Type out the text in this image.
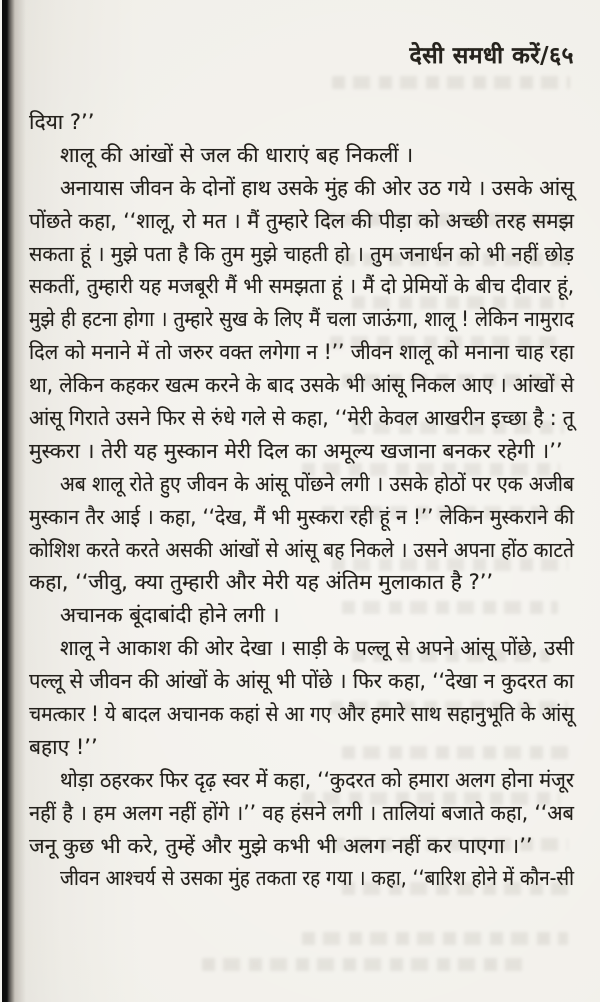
देसी समधी करें/६५
दिया ?’’
शालू की आंखों से जल की धाराएं बह निकलीं ।
अनायास जीवन के दोनों हाथ उसके मुंह की ओर उठ गये । उसके आंसू
पोंछते कहा, ‘‘शालू, रो मत । मैं तुम्हारे दिल की पीड़ा को अच्छी तरह समझ
सकता हूं । मुझे पता है कि तुम मुझे चाहती हो । तुम जनार्धन को भी नहीं छोड़
सकतीं, तुम्हारी यह मजबूरी मैं भी समझता हूं । मैं दो प्रेमियों के बीच दीवार हूं,
मुझे ही हटना होगा । तुम्हारे सुख के लिए मैं चला जाऊंगा, शालू ! लेकिन नामुराद
दिल को मनाने में तो जरुर वक्त लगेगा न !’’ जीवन शालू को मनाना चाह रहा
था, लेकिन कहकर खत्म करने के बाद उसके भी आंसू निकल आए । आंखों से
आंसू गिराते उसने फिर से रुंधे गले से कहा, ‘‘मेरी केवल आखरीन इच्छा है : तू
मुस्करा । तेरी यह मुस्कान मेरी दिल का अमूल्य खजाना बनकर रहेगी ।’’
अब शालू रोते हुए जीवन के आंसू पोंछने लगी । उसके होठों पर एक अजीब
मुस्कान तैर आई । कहा, ‘‘देख, मैं भी मुस्करा रही हूं न !’’ लेकिन मुस्कराने की
कोशिश करते करते असकी आंखों से आंसू बह निकले । उसने अपना होंठ काटते
कहा, ‘‘जीवु, क्या तुम्हारी और मेरी यह अंतिम मुलाकात है ?’’
अचानक बूंदाबांदी होने लगी ।
शालू ने आकाश की ओर देखा । साड़ी के पल्लू से अपने आंसू पोंछे, उसी
पल्लू से जीवन की आंखों के आंसू भी पोंछे । फिर कहा, ‘‘देखा न कुदरत का
चमत्कार ! ये बादल अचानक कहां से आ गए और हमारे साथ सहानुभूति के आंसू
बहाए !’’
थोड़ा ठहरकर फिर दृढ़ स्वर में कहा, ‘‘कुदरत को हमारा अलग होना मंजूर
नहीं है । हम अलग नहीं होंगे ।’’ वह हंसने लगी । तालियां बजाते कहा, ‘‘अब
जनू कुछ भी करे, तुम्हें और मुझे कभी भी अलग नहीं कर पाएगा ।’’
जीवन आश्चर्य से उसका मुंह तकता रह गया । कहा, ‘‘बारिश होने में कौन-सी
